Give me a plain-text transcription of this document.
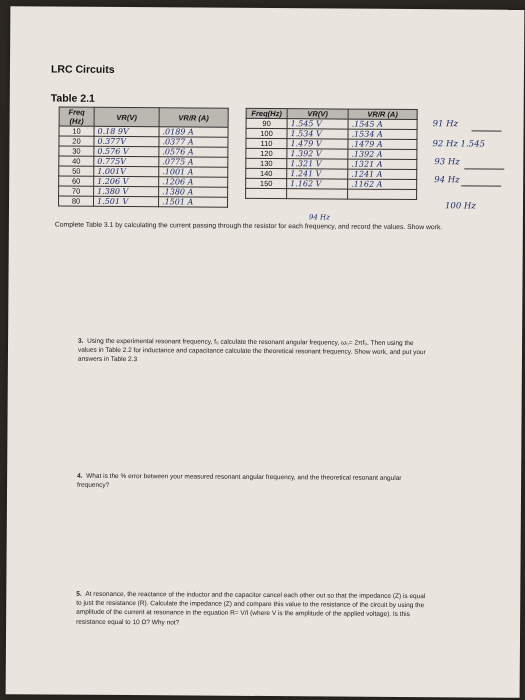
LRC Circuits
Table 2.1
Freq (Hz)	VR(V)	VR/R (A)
10	0.18 9V	.0189 A
20	0.377V	.0377 A
30	0.576 V	.0576 A
40	0.775V	.0775 A
50	1.001V	.1001 A
60	1.206 V	.1206 A
70	1.380 V	.1380 A
80	1.501 V	.1501 A
Freq(Hz)	VR(V)	VR/R (A)
90	1.545 V	.1545 A
100	1.534 V	.1534 A
110	1.479 V	.1479 A
120	1.392 V	.1392 A
130	1.321 V	.1321 A
140	1.241 V	.1241 A
150	1.162 V	.1162 A

91 Hz
92 Hz 1.545
93 Hz
94 Hz
100 Hz
94 Hz
Complete Table 3.1 by calculating the current passing through the resistor for each frequency, and record the values. Show work.
3. Using the experimental resonant frequency, f₀ calculate the resonant angular frequency, ω₀= 2πf₀. Then using the values in Table 2.2 for inductance and capacitance calculate the theoretical resonant frequency. Show work, and put your answers in Table 2.3
4. What is the % error between your measured resonant angular frequency, and the theoretical resonant angular frequency?
5. At resonance, the reactance of the inductor and the capacitor cancel each other out so that the impedance (Z) is equal to just the resistance (R). Calculate the impedance (Z) and compare this value to the resistance of the circuit by using the amplitude of the current at resonance in the equation R= V/I (where V is the amplitude of the applied voltage). Is this resistance equal to 10 Ω? Why not?
